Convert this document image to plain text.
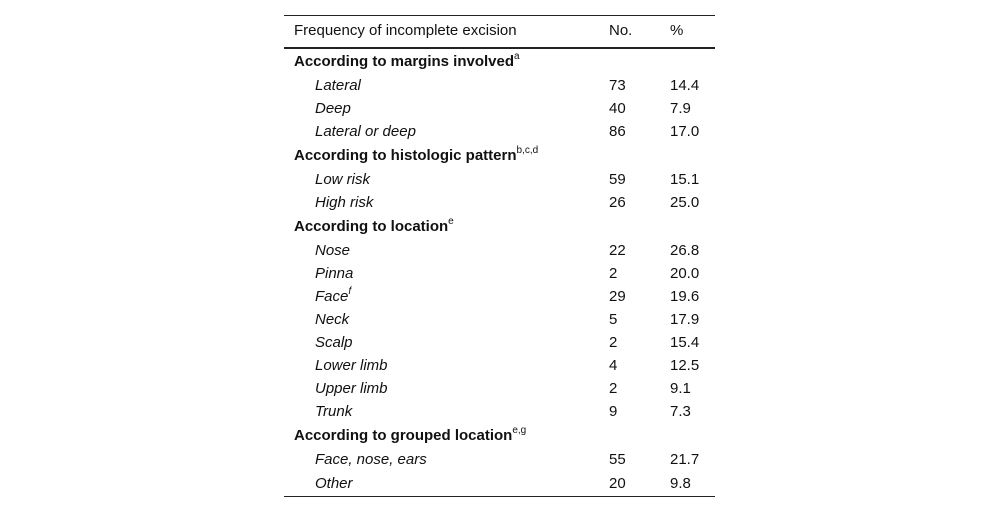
Frequency of incomplete excision	No.	%
According to margins involved$^a$		
Lateral	73	14.4
Deep	40	7.9
Lateral or deep	86	17.0
According to histologic pattern$^{b,c,d}$		
Low risk	59	15.1
High risk	26	25.0
According to location$^e$		
Nose	22	26.8
Pinna	2	20.0
Face$^f$	29	19.6
Neck	5	17.9
Scalp	2	15.4
Lower limb	4	12.5
Upper limb	2	9.1
Trunk	9	7.3
According to grouped location$^{e,g}$		
Face, nose, ears	55	21.7
Other	20	9.8
